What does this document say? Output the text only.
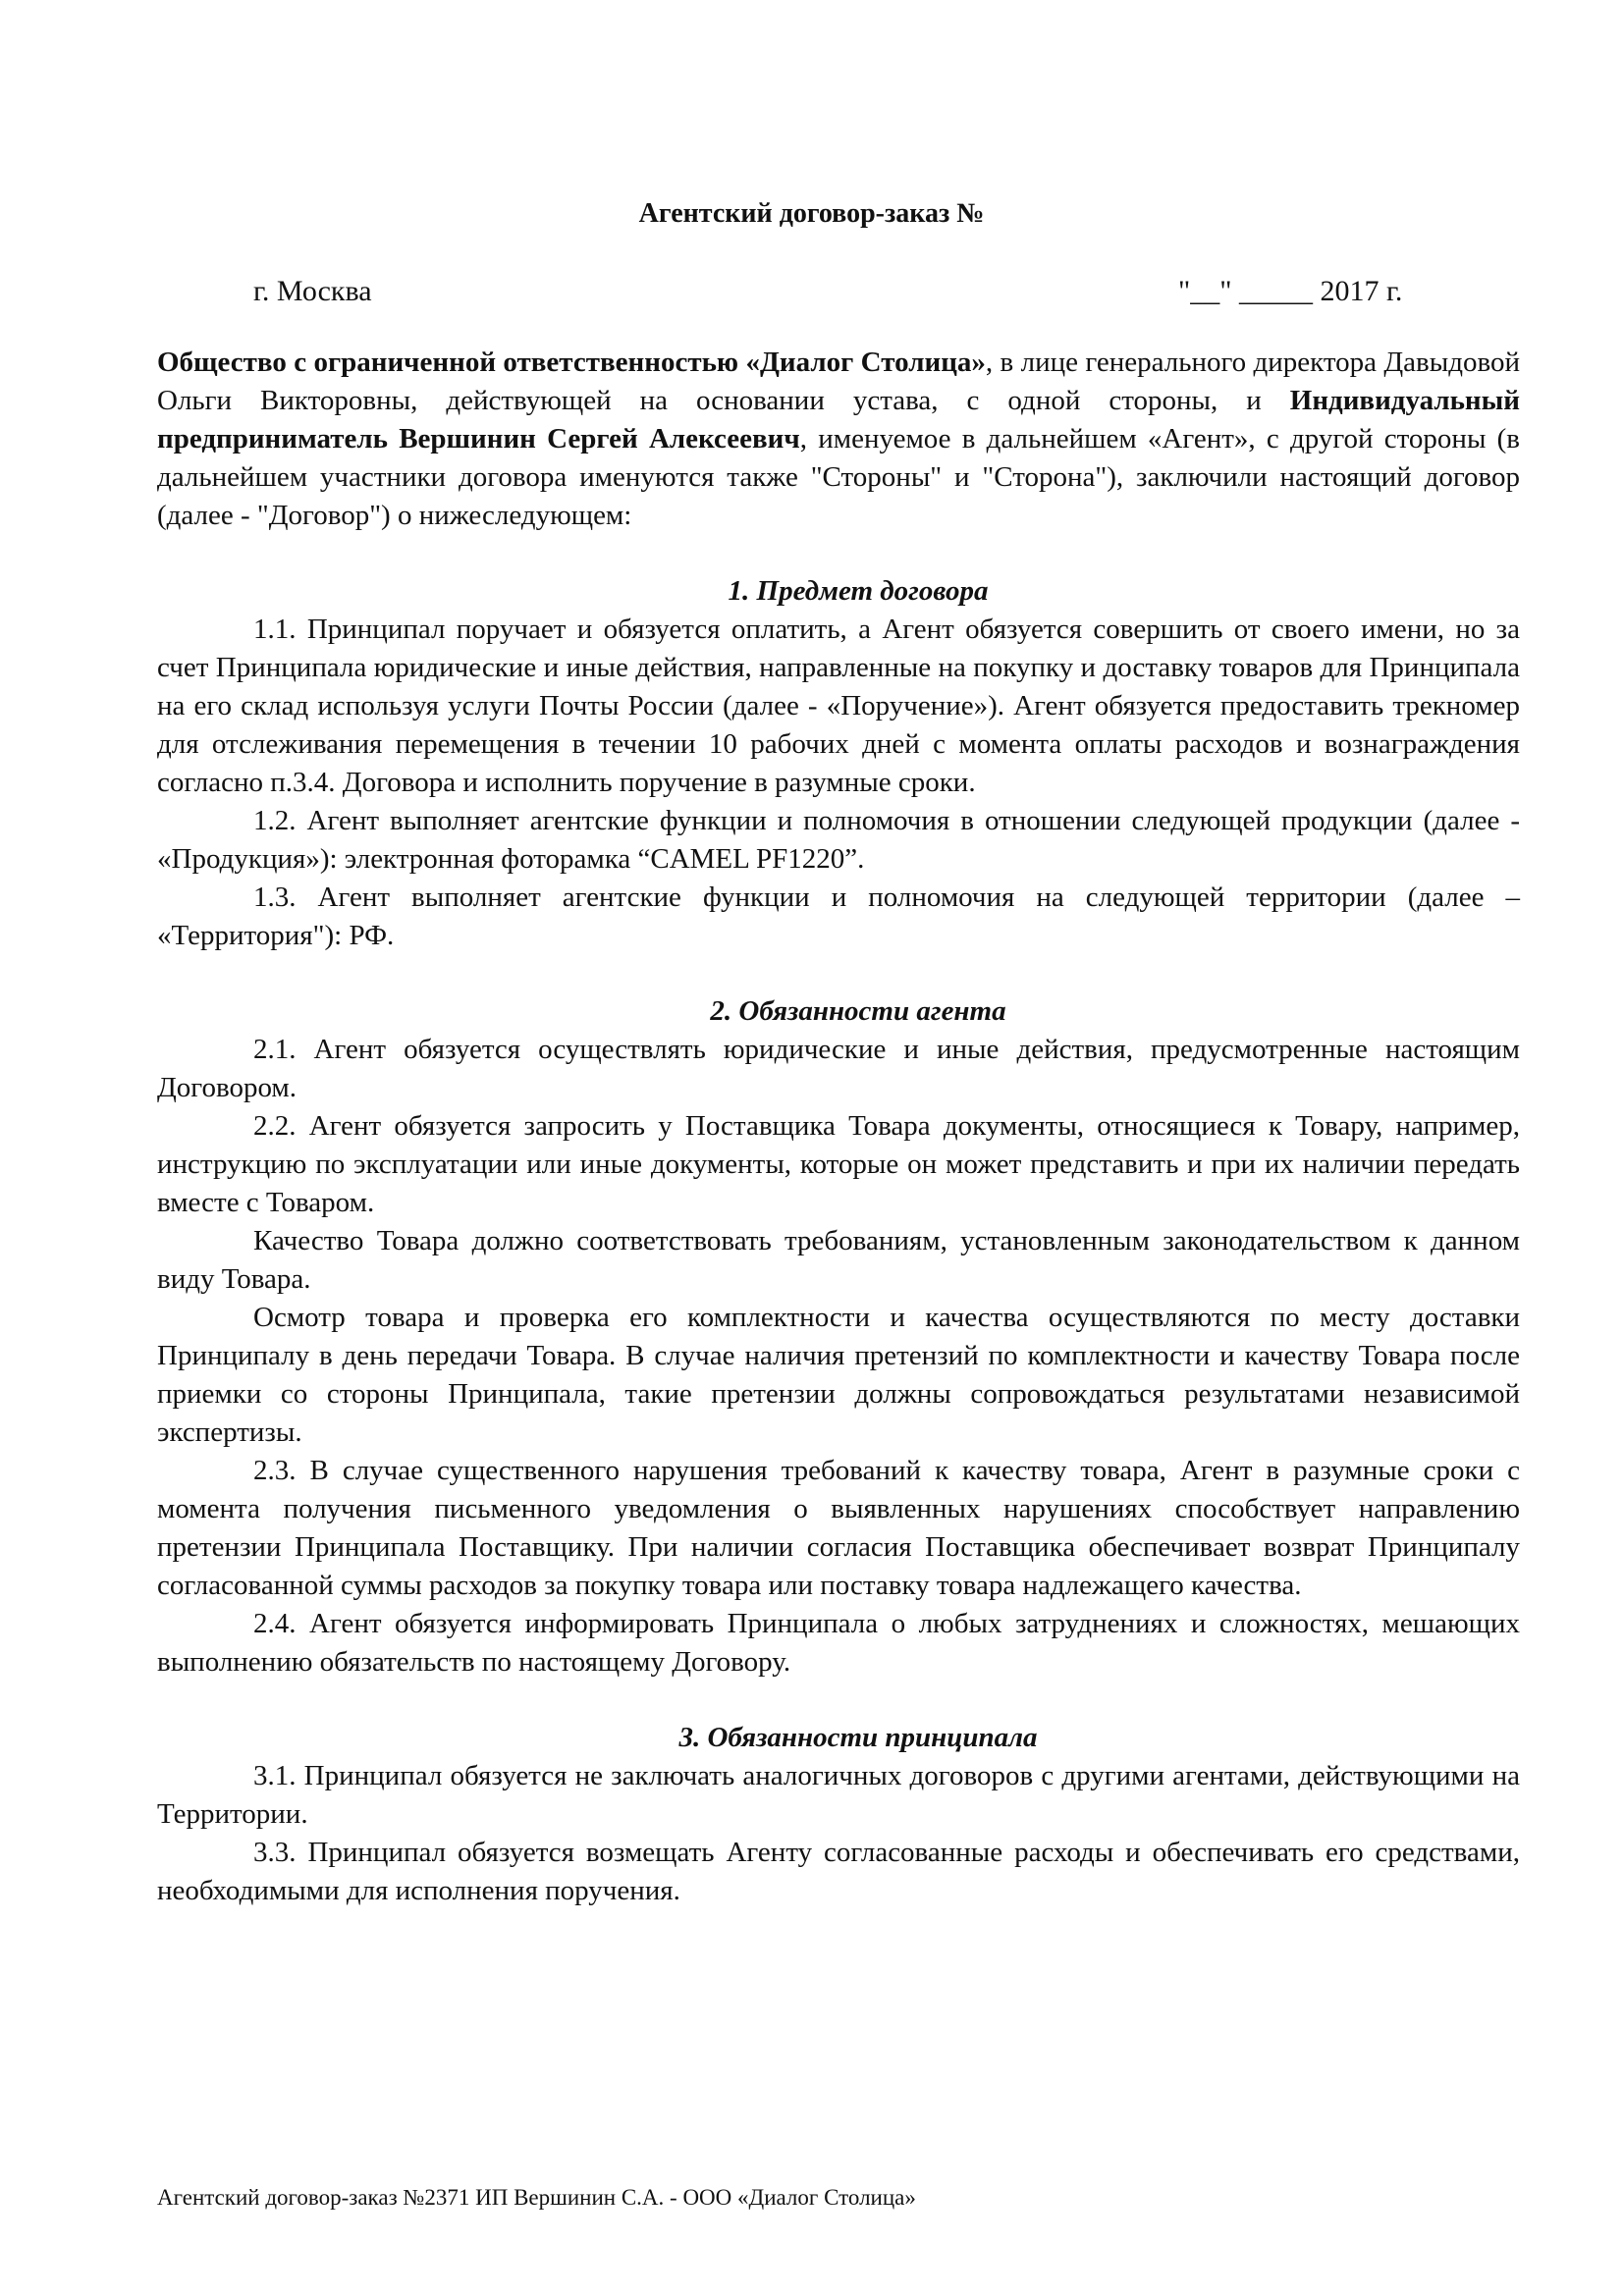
Агентский договор-заказ №
г. Москва	"__" _____ 2017 г.

Общество с ограниченной ответственностью «Диалог Столица», в лице генерального директора Давыдовой Ольги Викторовны, действующей на основании устава, с одной стороны, и Индивидуальный предприниматель Вершинин Сергей Алексеевич, именуемое в дальнейшем «Агент», с другой стороны (в дальнейшем участники договора именуются также "Стороны" и "Сторона"), заключили настоящий договор (далее - "Договор") о нижеследующем:

1. Предмет договора

1.1. Принципал поручает и обязуется оплатить, а Агент обязуется совершить от своего имени, но за счет Принципала юридические и иные действия, направленные на покупку и доставку товаров для Принципала на его склад используя услуги Почты России (далее - «Поручение»). Агент обязуется предоставить трекномер для отслеживания перемещения в течении 10 рабочих дней с момента оплаты расходов и вознаграждения согласно п.3.4. Договора и исполнить поручение в разумные сроки.

1.2. Агент выполняет агентские функции и полномочия в отношении следующей продукции (далее - «Продукция»): электронная фоторамка “CAMEL PF1220”.

1.3. Агент выполняет агентские функции и полномочия на следующей территории (далее – «Территория"): РФ.

2. Обязанности агента

2.1. Агент обязуется осуществлять юридические и иные действия, предусмотренные настоящим Договором.

2.2. Агент обязуется запросить у Поставщика Товара документы, относящиеся к Товару, например, инструкцию по эксплуатации или иные документы, которые он может представить и при их наличии передать вместе с Товаром.

Качество Товара должно соответствовать требованиям, установленным законодательством к данном виду Товара.

Осмотр товара и проверка его комплектности и качества осуществляются по месту доставки Принципалу в день передачи Товара. В случае наличия претензий по комплектности и качеству Товара после приемки со стороны Принципала, такие претензии должны сопровождаться результатами независимой экспертизы.

2.3. В случае существенного нарушения требований к качеству товара, Агент в разумные сроки с момента получения письменного уведомления о выявленных нарушениях способствует направлению претензии Принципала Поставщику. При наличии согласия Поставщика обеспечивает возврат Принципалу согласованной суммы расходов за покупку товара или поставку товара надлежащего качества.

2.4. Агент обязуется информировать Принципала о любых затруднениях и сложностях, мешающих выполнению обязательств по настоящему Договору.

3. Обязанности принципала

3.1. Принципал обязуется не заключать аналогичных договоров с другими агентами, действующими на Территории.

3.3. Принципал обязуется возмещать Агенту согласованные расходы и обеспечивать его средствами, необходимыми для исполнения поручения.

Агентский договор-заказ №2371 ИП Вершинин С.А. - ООО «Диалог Столица»
